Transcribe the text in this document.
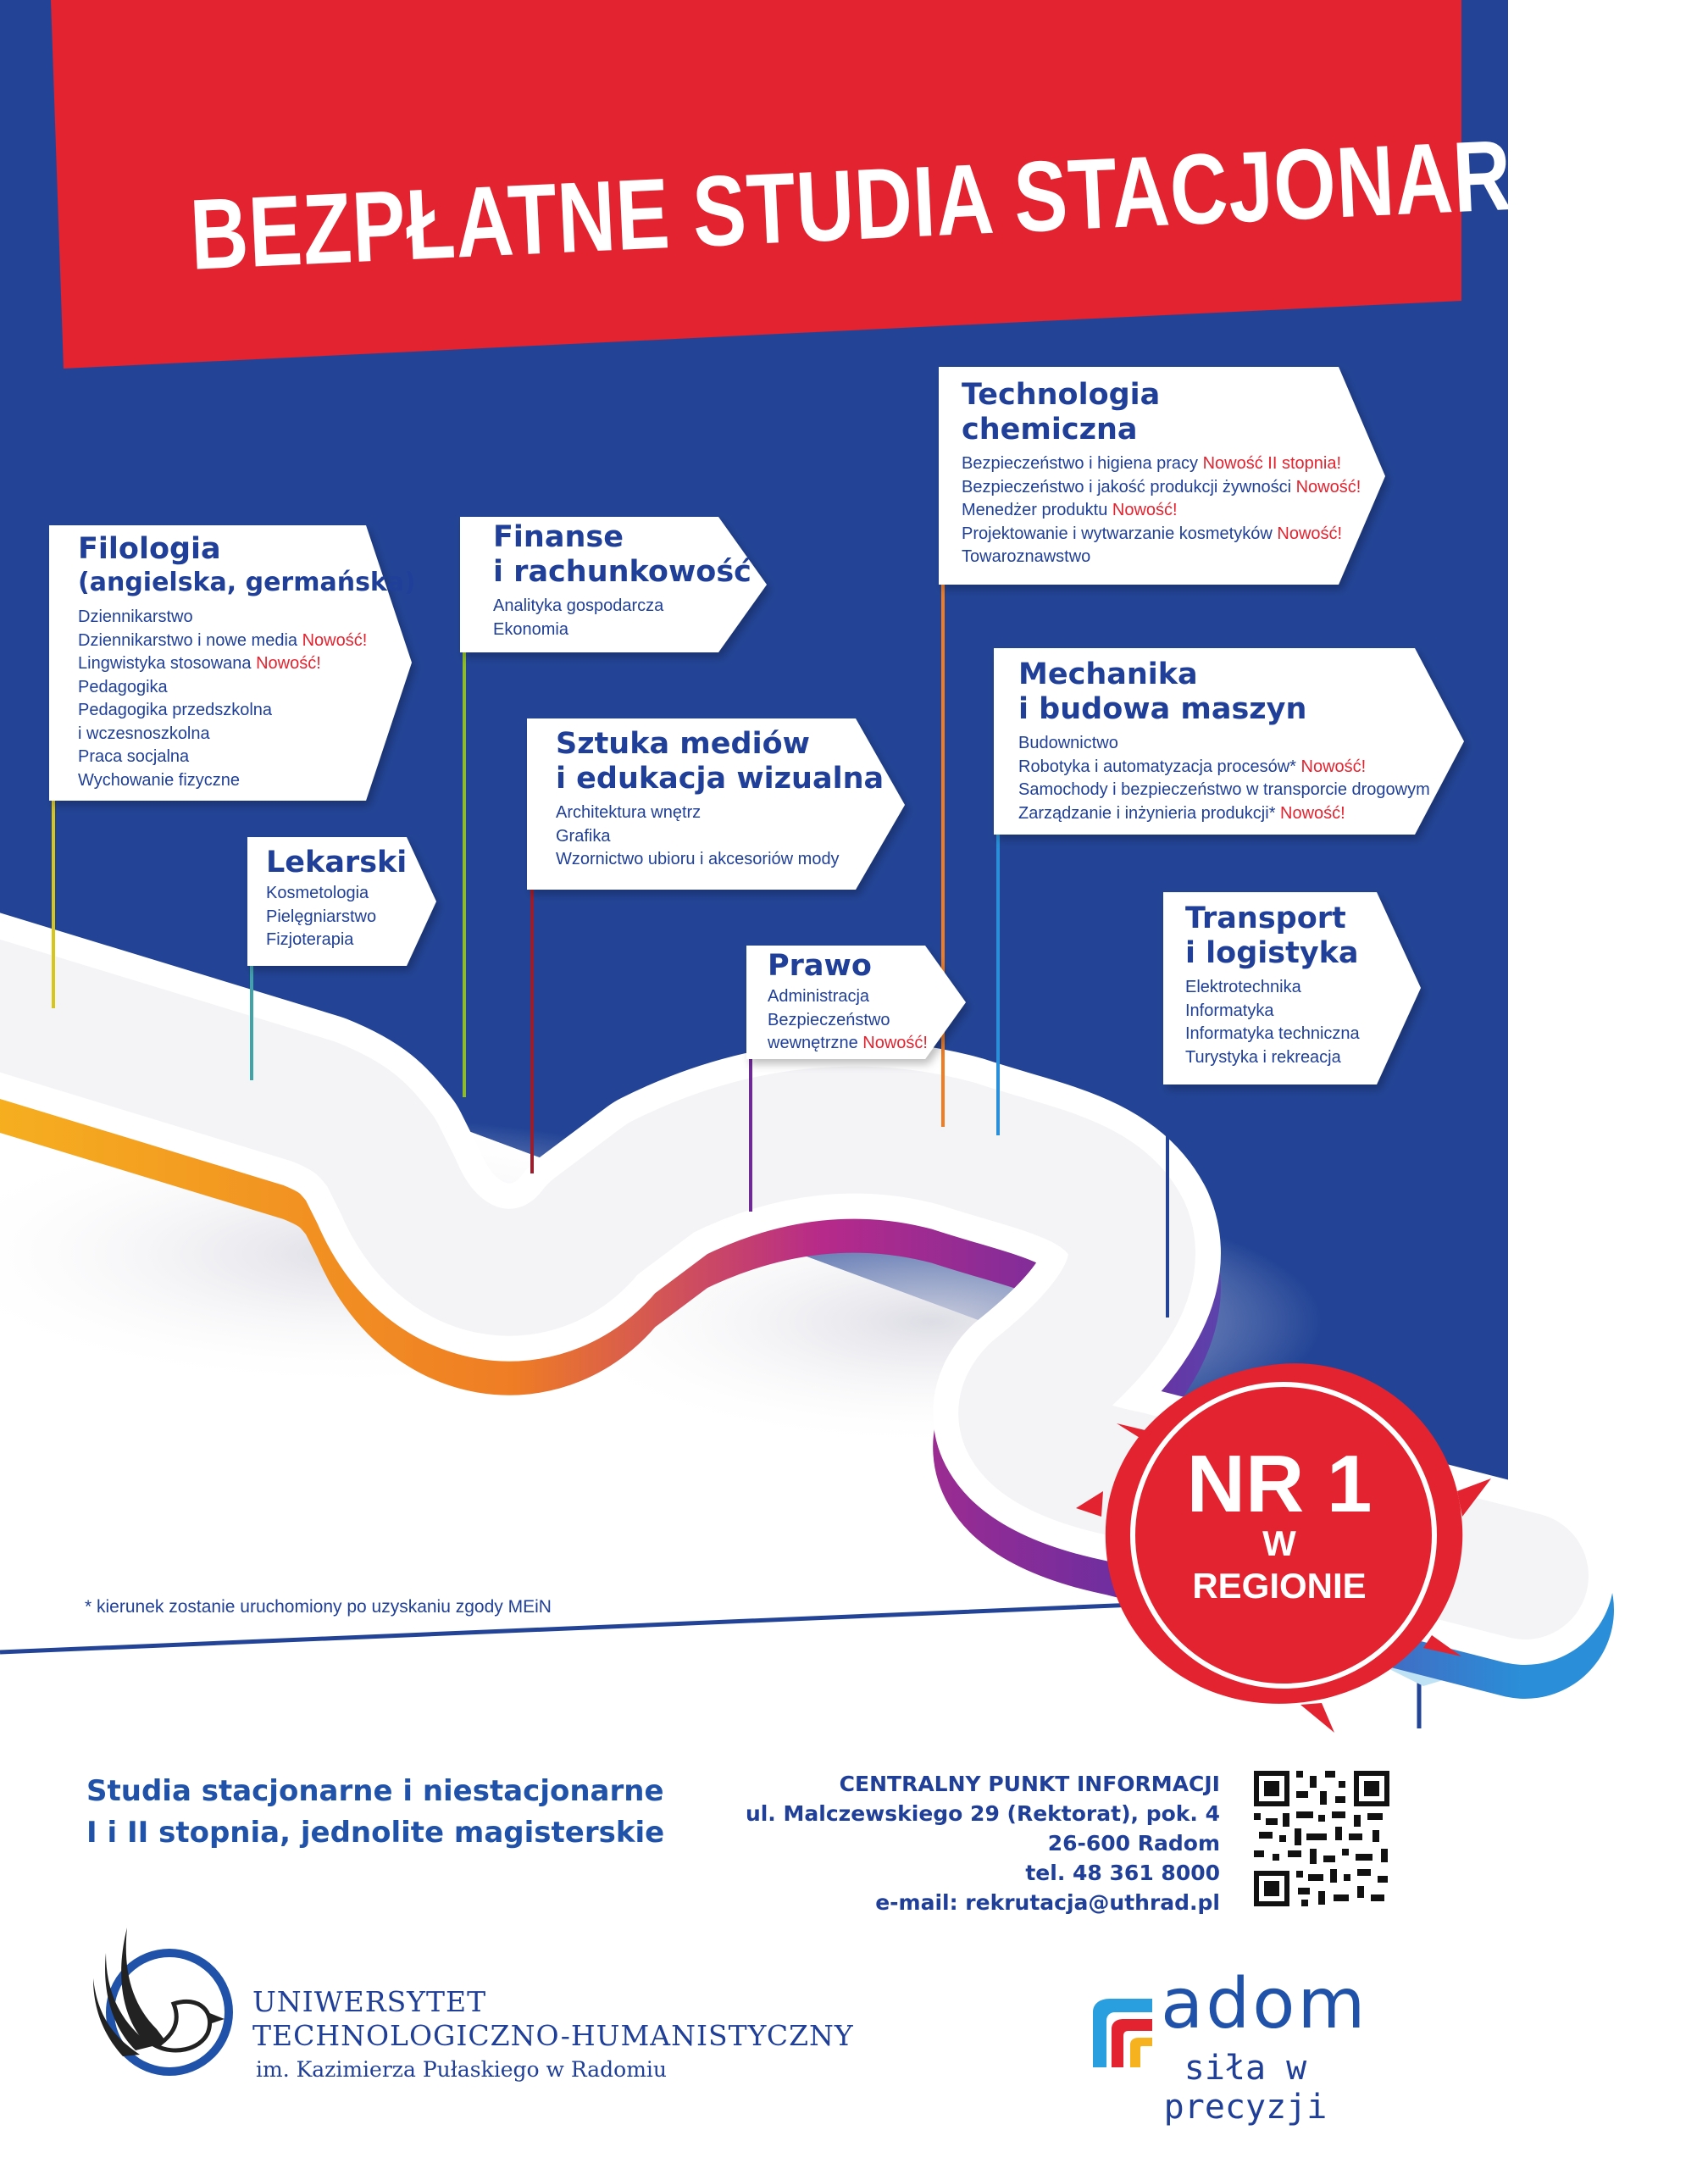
BEZPŁATNE STUDIA STACJONARNE!!!
Filologia
(angielska, germańska)
Dziennikarstwo
Dziennikarstwo i nowe media Nowość!
Lingwistyka stosowana Nowość!
Pedagogika
Pedagogika przedszkolna
i wczesnoszkolna
Praca socjalna
Wychowanie fizyczne
Lekarski
Kosmetologia
Pielęgniarstwo
Fizjoterapia
Finanse
i rachunkowość
Analityka gospodarcza
Ekonomia
Sztuka mediów
i edukacja wizualna
Architektura wnętrz
Grafika
Wzornictwo ubioru i akcesoriów mody
Prawo
Administracja
Bezpieczeństwo
wewnętrzne Nowość!
Technologia
chemiczna
Bezpieczeństwo i higiena pracy Nowość II stopnia!
Bezpieczeństwo i jakość produkcji żywności Nowość!
Menedżer produktu Nowość!
Projektowanie i wytwarzanie kosmetyków Nowość!
Towaroznawstwo
Mechanika
i budowa maszyn
Budownictwo
Robotyka i automatyzacja procesów* Nowość!
Samochody i bezpieczeństwo w transporcie drogowym
Zarządzanie i inżynieria produkcji* Nowość!
Transport
i logistyka
Elektrotechnika
Informatyka
Informatyka techniczna
Turystyka i rekreacja
NR 1
W
REGIONIE
* kierunek zostanie uruchomiony po uzyskaniu zgody MEiN
Studia stacjonarne i niestacjonarne
I i II stopnia, jednolite magisterskie
CENTRALNY PUNKT INFORMACJI
ul. Malczewskiego 29 (Rektorat), pok. 4
26-600 Radom
tel. 48 361 8000
e-mail: rekrutacja@uthrad.pl
UNIWERSYTET
TECHNOLOGICZNO-HUMANISTYCZNY
im. Kazimierza Pułaskiego w Radomiu
adom
siła w precyzji
